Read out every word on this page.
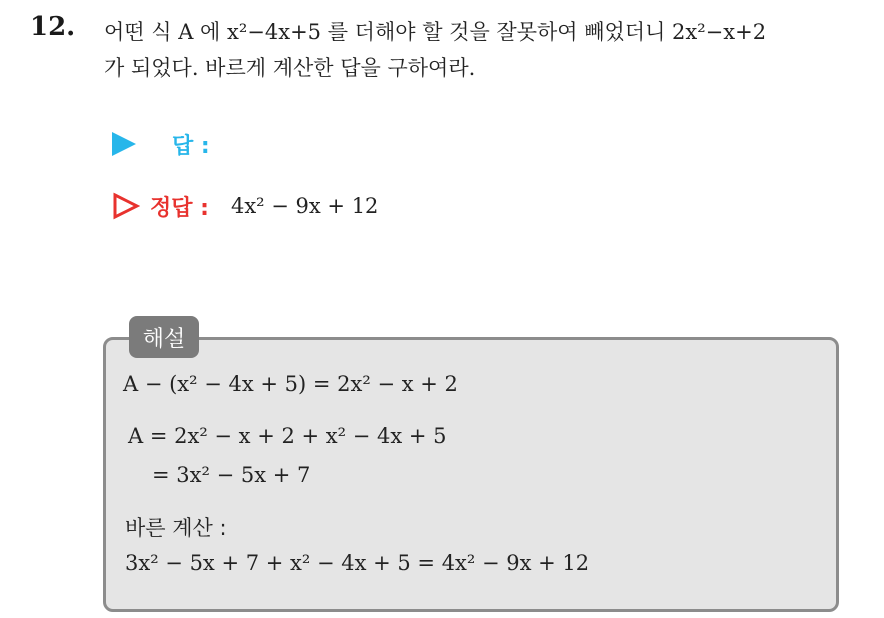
12. 어떤 식 A 에 x²−4x+5 를 더해야 할 것을 잘못하여 빼었더니 2x²−x+2
가 되었다. 바르게 계산한 답을 구하여라.
답 :
정답 : 4x² − 9x + 12
해설
A − (x² − 4x + 5) = 2x² − x + 2
A = 2x² − x + 2 + x² − 4x + 5
= 3x² − 5x + 7
바른 계산 :
3x² − 5x + 7 + x² − 4x + 5 = 4x² − 9x + 12
